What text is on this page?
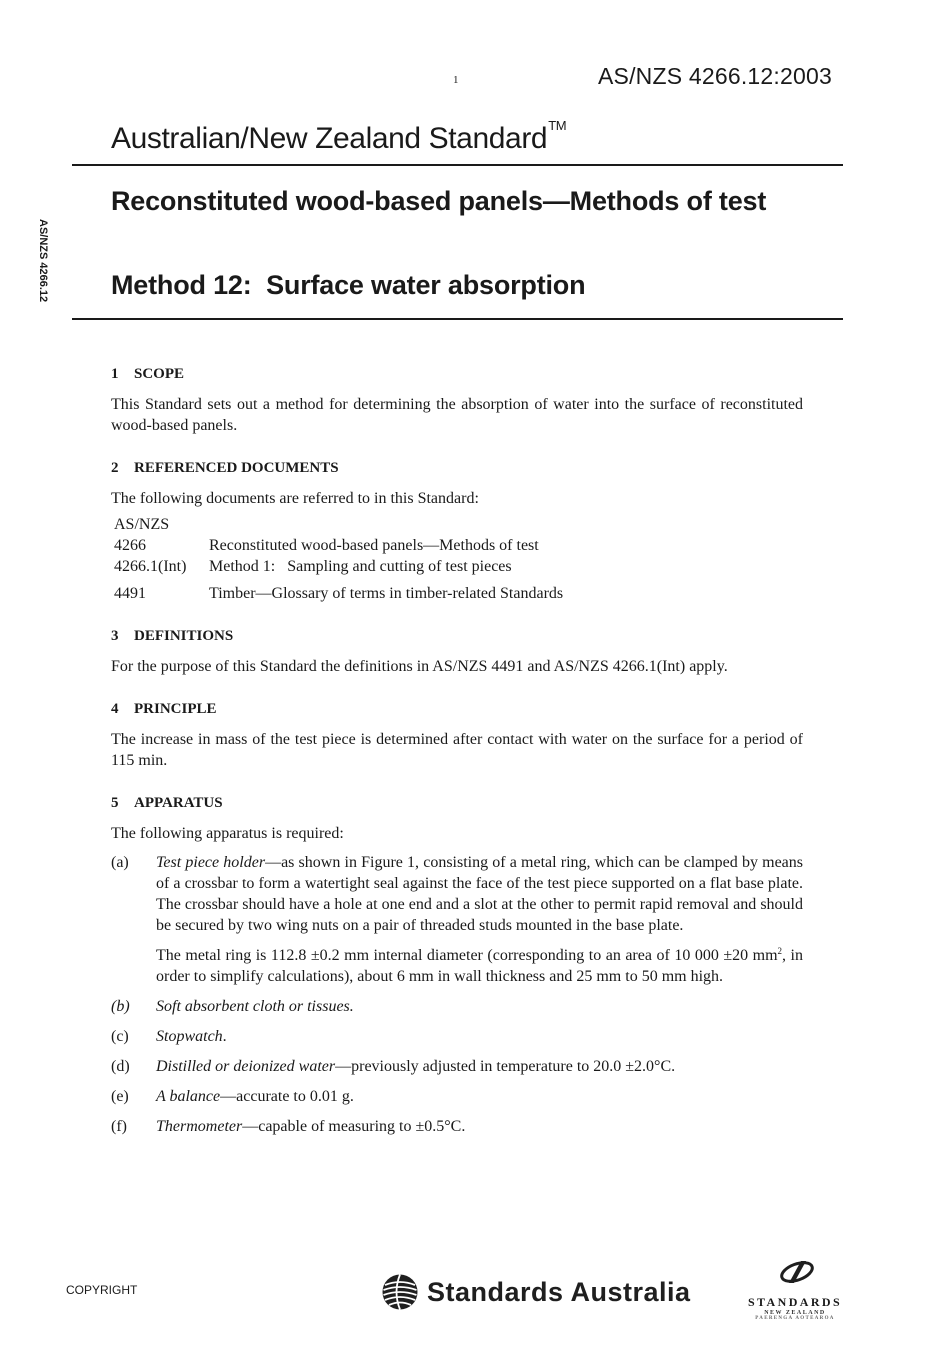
1	AS/NZS 4266.12:2003
Australian/New Zealand Standard™
AS/NZS 4266.12
Reconstituted wood-based panels—Methods of test
Method 12:  Surface water absorption

1 SCOPE

This Standard sets out a method for determining the absorption of water into the surface of reconstituted wood-based panels.

2 REFERENCED DOCUMENTS

The following documents are referred to in this Standard:

AS/NZS
4266	Reconstituted wood-based panels—Methods of test
4266.1(Int)	Method 1:   Sampling and cutting of test pieces
4491	Timber—Glossary of terms in timber-related Standards

3 DEFINITIONS

For the purpose of this Standard the definitions in AS/NZS 4491 and AS/NZS 4266.1(Int) apply.

4 PRINCIPLE

The increase in mass of the test piece is determined after contact with water on the surface for a period of 115 min.

5 APPARATUS

The following apparatus is required:

(a)	Test piece holder—as shown in Figure 1, consisting of a metal ring, which can be clamped by means of a crossbar to form a watertight seal against the face of the test piece supported on a flat base plate. The crossbar should have a hole at one end and a slot at the other to permit rapid removal and should be secured by two wing nuts on a pair of threaded studs mounted in the base plate.

The metal ring is 112.8 ±0.2 mm internal diameter (corresponding to an area of 10 000 ±20 $mm^2$, in order to simplify calculations), about 6 mm in wall thickness and 25 mm to 50 mm high.

(b)	Soft absorbent cloth or tissues.

(c)	Stopwatch.

(d)	Distilled or deionized water—previously adjusted in temperature to 20.0 ±2.0°C.

(e)	A balance—accurate to 0.01 g.

(f)	Thermometer—capable of measuring to ±0.5°C.

COPYRIGHT	Standards Australia	STANDARDS
NEW ZEALAND
PAERENGA AOTEAROA
